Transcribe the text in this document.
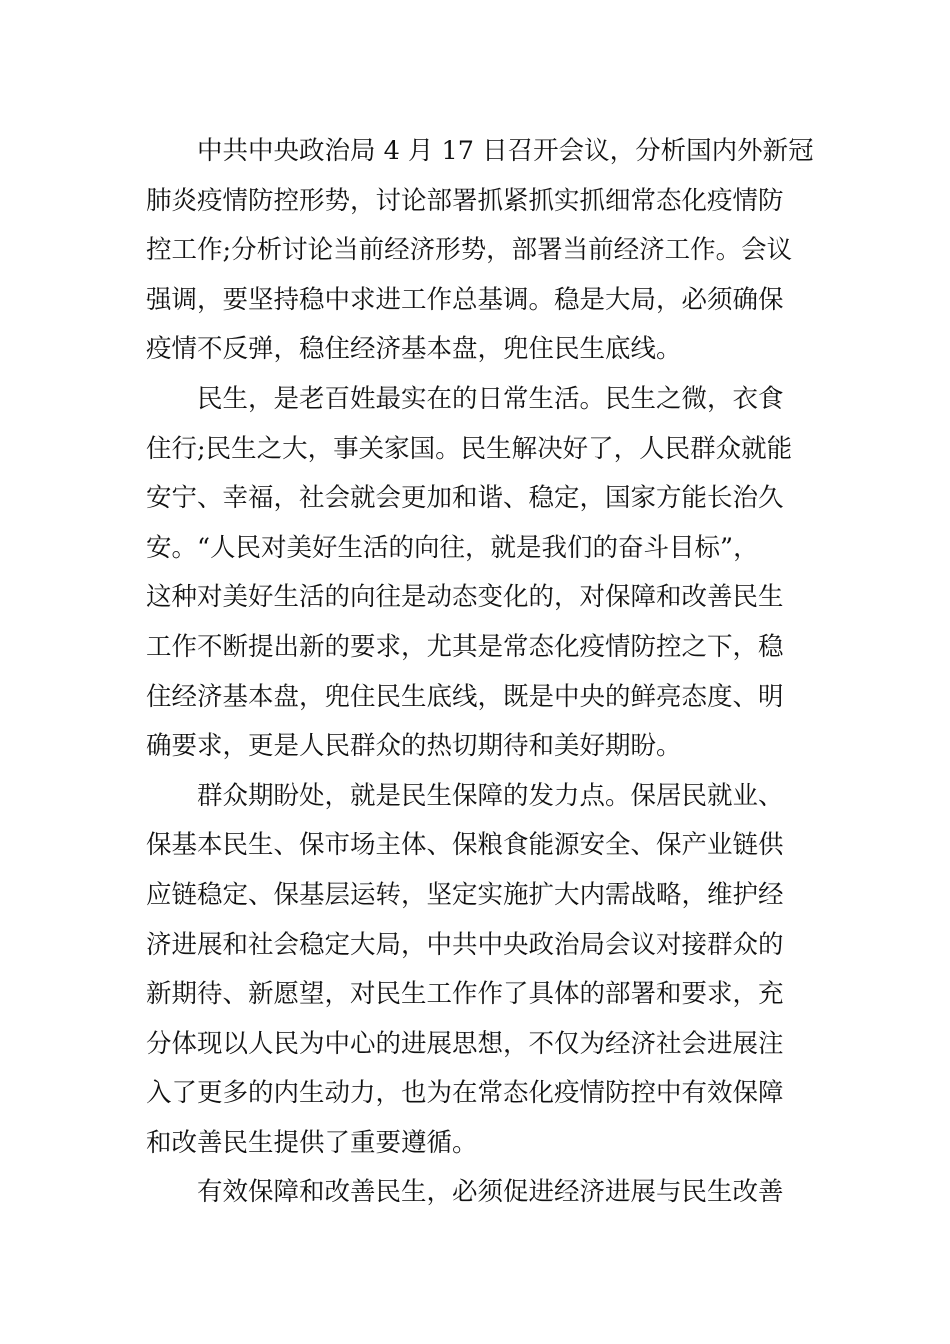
中共中央政治局 4 月 17 日召开会议，分析国内外新冠
肺炎疫情防控形势，讨论部署抓紧抓实抓细常态化疫情防
控工作;分析讨论当前经济形势，部署当前经济工作。会议
强调，要坚持稳中求进工作总基调。稳是大局，必须确保
疫情不反弹，稳住经济基本盘，兜住民生底线。

民生，是老百姓最实在的日常生活。民生之微，衣食
住行;民生之大，事关家国。民生解决好了，人民群众就能
安宁、幸福，社会就会更加和谐、稳定，国家方能长治久
安。“人民对美好生活的向往，就是我们的奋斗目标”，
这种对美好生活的向往是动态变化的，对保障和改善民生
工作不断提出新的要求，尤其是常态化疫情防控之下，稳
住经济基本盘，兜住民生底线，既是中央的鲜亮态度、明
确要求，更是人民群众的热切期待和美好期盼。

群众期盼处，就是民生保障的发力点。保居民就业、
保基本民生、保市场主体、保粮食能源安全、保产业链供
应链稳定、保基层运转，坚定实施扩大内需战略，维护经
济进展和社会稳定大局，中共中央政治局会议对接群众的
新期待、新愿望，对民生工作作了具体的部署和要求，充
分体现以人民为中心的进展思想，不仅为经济社会进展注
入了更多的内生动力，也为在常态化疫情防控中有效保障
和改善民生提供了重要遵循。

有效保障和改善民生，必须促进经济进展与民生改善
